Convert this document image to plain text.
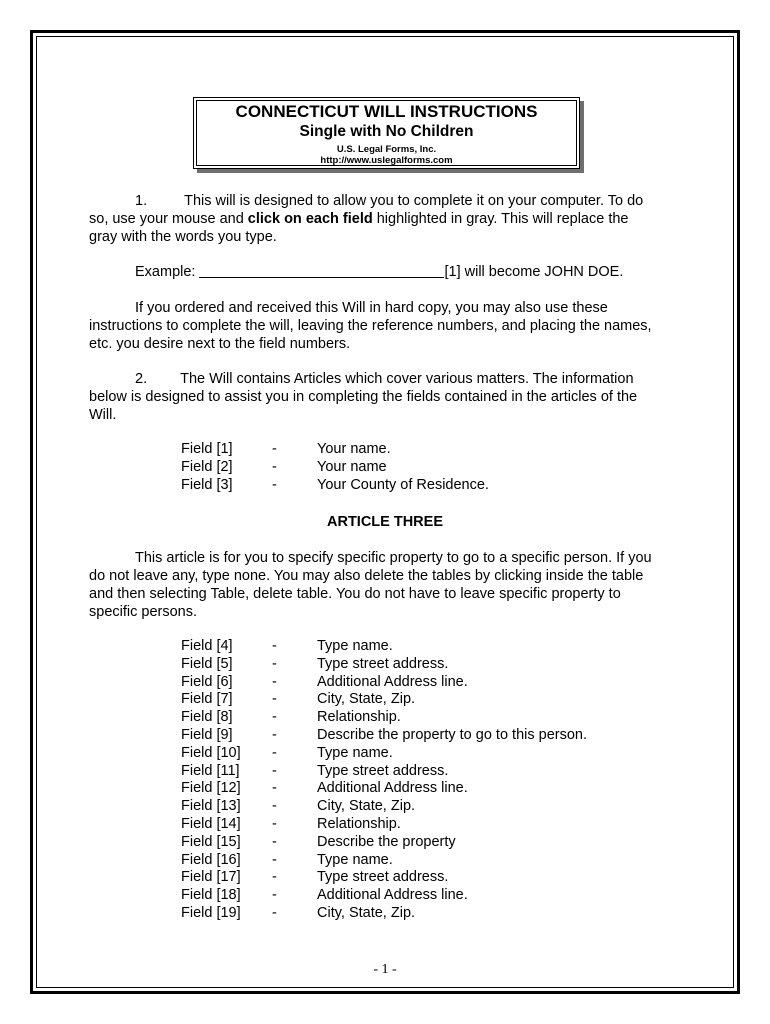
CONNECTICUT WILL INSTRUCTIONS
Single with No Children
U.S. Legal Forms, Inc.
http://www.uslegalforms.com
1.	This will is designed to allow you to complete it on your computer. To do
so, use your mouse and click on each field highlighted in gray. This will replace the
gray with the words you type.
Example:	[1] will become JOHN DOE.
If you ordered and received this Will in hard copy, you may also use these
instructions to complete the will, leaving the reference numbers, and placing the names,
etc. you desire next to the field numbers.
2. The Will contains Articles which cover various matters. The information
below is designed to assist you in completing the fields contained in the articles of the
Will.
Field [1]	-	Your name.
Field [2]	-	Your name
Field [3]	-	Your County of Residence.
ARTICLE THREE
This article is for you to specify specific property to go to a specific person. If you
do not leave any, type none. You may also delete the tables by clicking inside the table
and then selecting Table, delete table. You do not have to leave specific property to
specific persons.
Field [4]	-	Type name.
Field [5]	-	Type street address.
Field [6]	-	Additional Address line.
Field [7]	-	City, State, Zip.
Field [8]	-	Relationship.
Field [9]	-	Describe the property to go to this person.
Field [10] -	Type name.
Field [11] -	Type street address.
Field [12] -	Additional Address line.
Field [13] -	City, State, Zip.
Field [14] -	Relationship.
Field [15] -	Describe the property
Field [16] -	Type name.
Field [17] -	Type street address.
Field [18] -	Additional Address line.
Field [19] -	City, State, Zip.
- 1 -
